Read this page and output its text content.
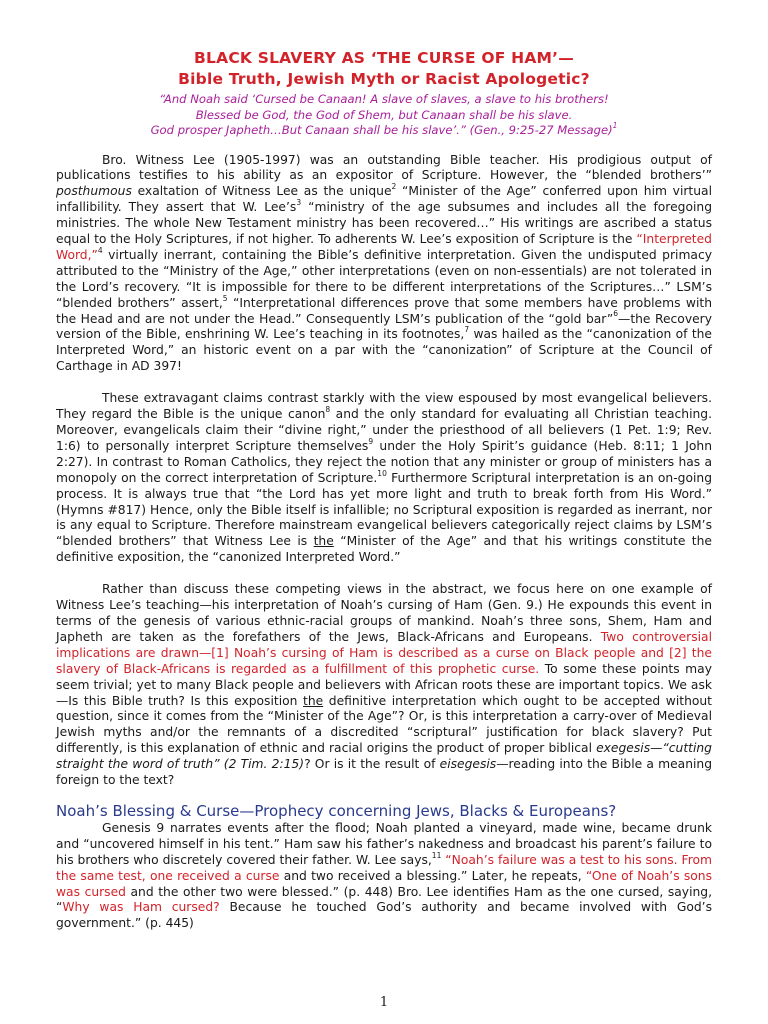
BLACK SLAVERY AS ‘THE CURSE OF HAM’—
Bible Truth, Jewish Myth or Racist Apologetic?
“And Noah said ‘Cursed be Canaan! A slave of slaves, a slave to his brothers!
Blessed be God, the God of Shem, but Canaan shall be his slave.
God prosper Japheth…But Canaan shall be his slave’.” (Gen., 9:25-27 Message)$^1$

Bro. Witness Lee (1905-1997) was an outstanding Bible teacher. His prodigious output of publications testifies to his ability as an expositor of Scripture. However, the “blended brothers’” posthumous exaltation of Witness Lee as the unique$^2$ “Minister of the Age” conferred upon him virtual infallibility. They assert that W. $Lee’s^3$ “ministry of the age subsumes and includes all the foregoing ministries. The whole New Testament ministry has been recovered…” His writings are ascribed a status equal to the Holy Scriptures, if not higher. To adherents W. Lee’s exposition of Scripture is the “Interpreted Word,”$^4$ virtually inerrant, containing the Bible’s definitive interpretation. Given the undisputed primacy attributed to the “Ministry of the Age,” other interpretations (even on non-essentials) are not tolerated in the Lord’s recovery. “It is impossible for there to be different interpretations of the Scriptures…” LSM’s “blended brothers” assert,$^5$ “Interpretational differences prove that some members have problems with the Head and are not under the Head.” Consequently LSM’s publication of the “gold bar”$^6$—the Recovery version of the Bible, enshrining W. Lee’s teaching in its footnotes,$^7$ was hailed as the “canonization of the Interpreted Word,” an historic event on a par with the “canonization” of Scripture at the Council of Carthage in AD 397!

These extravagant claims contrast starkly with the view espoused by most evangelical believers. They regard the Bible is the unique canon$^8$ and the only standard for evaluating all Christian teaching. Moreover, evangelicals claim their “divine right,” under the priesthood of all believers (1 Pet. 1:9; Rev. 1:6) to personally interpret Scripture themselves$^9$ under the Holy Spirit’s guidance (Heb. 8:11; 1 John 2:27). In contrast to Roman Catholics, they reject the notion that any minister or group of ministers has a monopoly on the correct interpretation of Scripture.$^{10}$ Furthermore Scriptural interpretation is an on-going process. It is always true that “the Lord has yet more light and truth to break forth from His Word.” (Hymns #817) Hence, only the Bible itself is infallible; no Scriptural exposition is regarded as inerrant, nor is any equal to Scripture. Therefore mainstream evangelical believers categorically reject claims by LSM’s “blended brothers” that Witness Lee is the “Minister of the Age” and that his writings constitute the definitive exposition, the “canonized Interpreted Word.”

Rather than discuss these competing views in the abstract, we focus here on one example of Witness Lee’s teaching—his interpretation of Noah’s cursing of Ham (Gen. 9.) He expounds this event in terms of the genesis of various ethnic-racial groups of mankind. Noah’s three sons, Shem, Ham and Japheth are taken as the forefathers of the Jews, Black-Africans and Europeans. Two controversial implications are drawn—[1] Noah’s cursing of Ham is described as a curse on Black people and [2] the slavery of Black-Africans is regarded as a fulfillment of this prophetic curse. To some these points may seem trivial; yet to many Black people and believers with African roots these are important topics. We ask—Is this Bible truth? Is this exposition the definitive interpretation which ought to be accepted without question, since it comes from the “Minister of the Age”? Or, is this interpretation a carry-over of Medieval Jewish myths and/or the remnants of a discredited “scriptural” justification for black slavery? Put differently, is this explanation of ethnic and racial origins the product of proper biblical exegesis—“cutting straight the word of truth” (2 Tim. 2:15)? Or is it the result of eisegesis—reading into the Bible a meaning foreign to the text?

Noah’s Blessing & Curse—Prophecy concerning Jews, Blacks & Europeans?

Genesis 9 narrates events after the flood; Noah planted a vineyard, made wine, became drunk and “uncovered himself in his tent.” Ham saw his father’s nakedness and broadcast his parent’s failure to his brothers who discretely covered their father. W. Lee says,$^{11}$ “Noah’s failure was a test to his sons. From the same test, one received a curse and two received a blessing.” Later, he repeats, “One of Noah’s sons was cursed and the other two were blessed.” (p. 448) Bro. Lee identifies Ham as the one cursed, saying, “Why was Ham cursed? Because he touched God’s authority and became involved with God’s government.” (p. 445)

1
